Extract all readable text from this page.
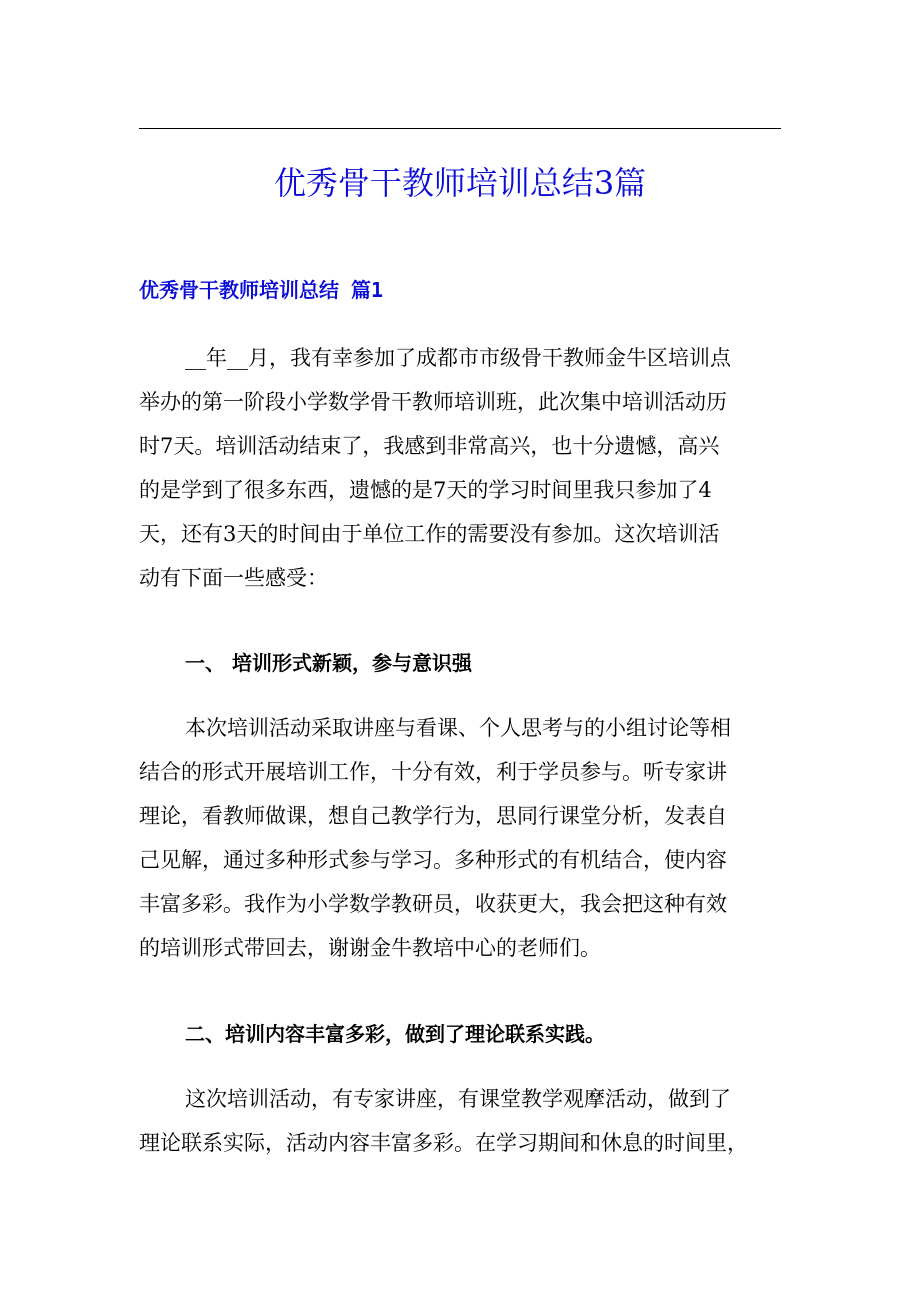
优秀骨干教师培训总结3篇
优秀骨干教师培训总结 篇1
__年__月，我有幸参加了成都市市级骨干教师金牛区培训点
举办的第一阶段小学数学骨干教师培训班，此次集中培训活动历
时7天。培训活动结束了，我感到非常高兴，也十分遗憾，高兴
的是学到了很多东西，遗憾的是7天的学习时间里我只参加了4
天，还有3天的时间由于单位工作的需要没有参加。这次培训活
动有下面一些感受：
一、 培训形式新颖，参与意识强
本次培训活动采取讲座与看课、个人思考与的小组讨论等相
结合的形式开展培训工作，十分有效，利于学员参与。听专家讲
理论，看教师做课，想自己教学行为，思同行课堂分析，发表自
己见解，通过多种形式参与学习。多种形式的有机结合，使内容
丰富多彩。我作为小学数学教研员，收获更大，我会把这种有效
的培训形式带回去，谢谢金牛教培中心的老师们。
二、培训内容丰富多彩，做到了理论联系实践。
这次培训活动，有专家讲座，有课堂教学观摩活动，做到了
理论联系实际，活动内容丰富多彩。在学习期间和休息的时间里，
